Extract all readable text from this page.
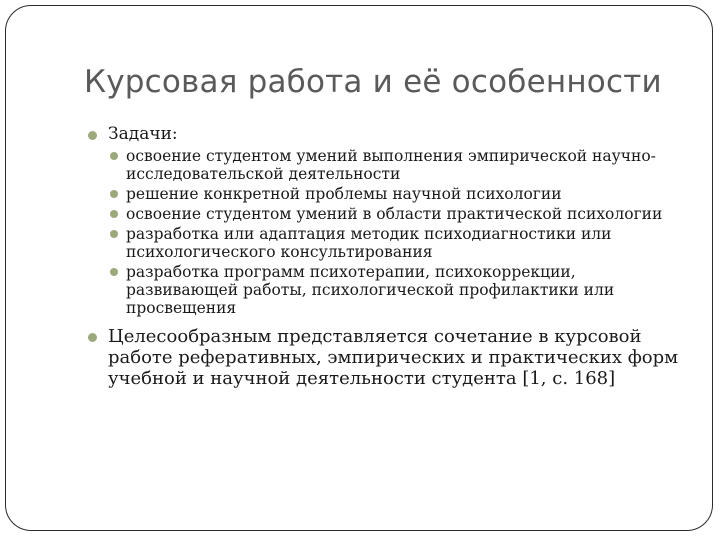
Курсовая работа и её особенности
Задачи:
освоение студентом умений выполнения эмпирической научно-исследовательской деятельности
решение конкретной проблемы научной психологии
освоение студентом умений в области практической психологии
разработка или адаптация методик психодиагностики или психологического консультирования
разработка программ психотерапии, психокоррекции, развивающей работы, психологической профилактики или просвещения
Целесообразным представляется сочетание в курсовой работе реферативных, эмпирических и практических форм учебной и научной деятельности студента [1, с. 168]
